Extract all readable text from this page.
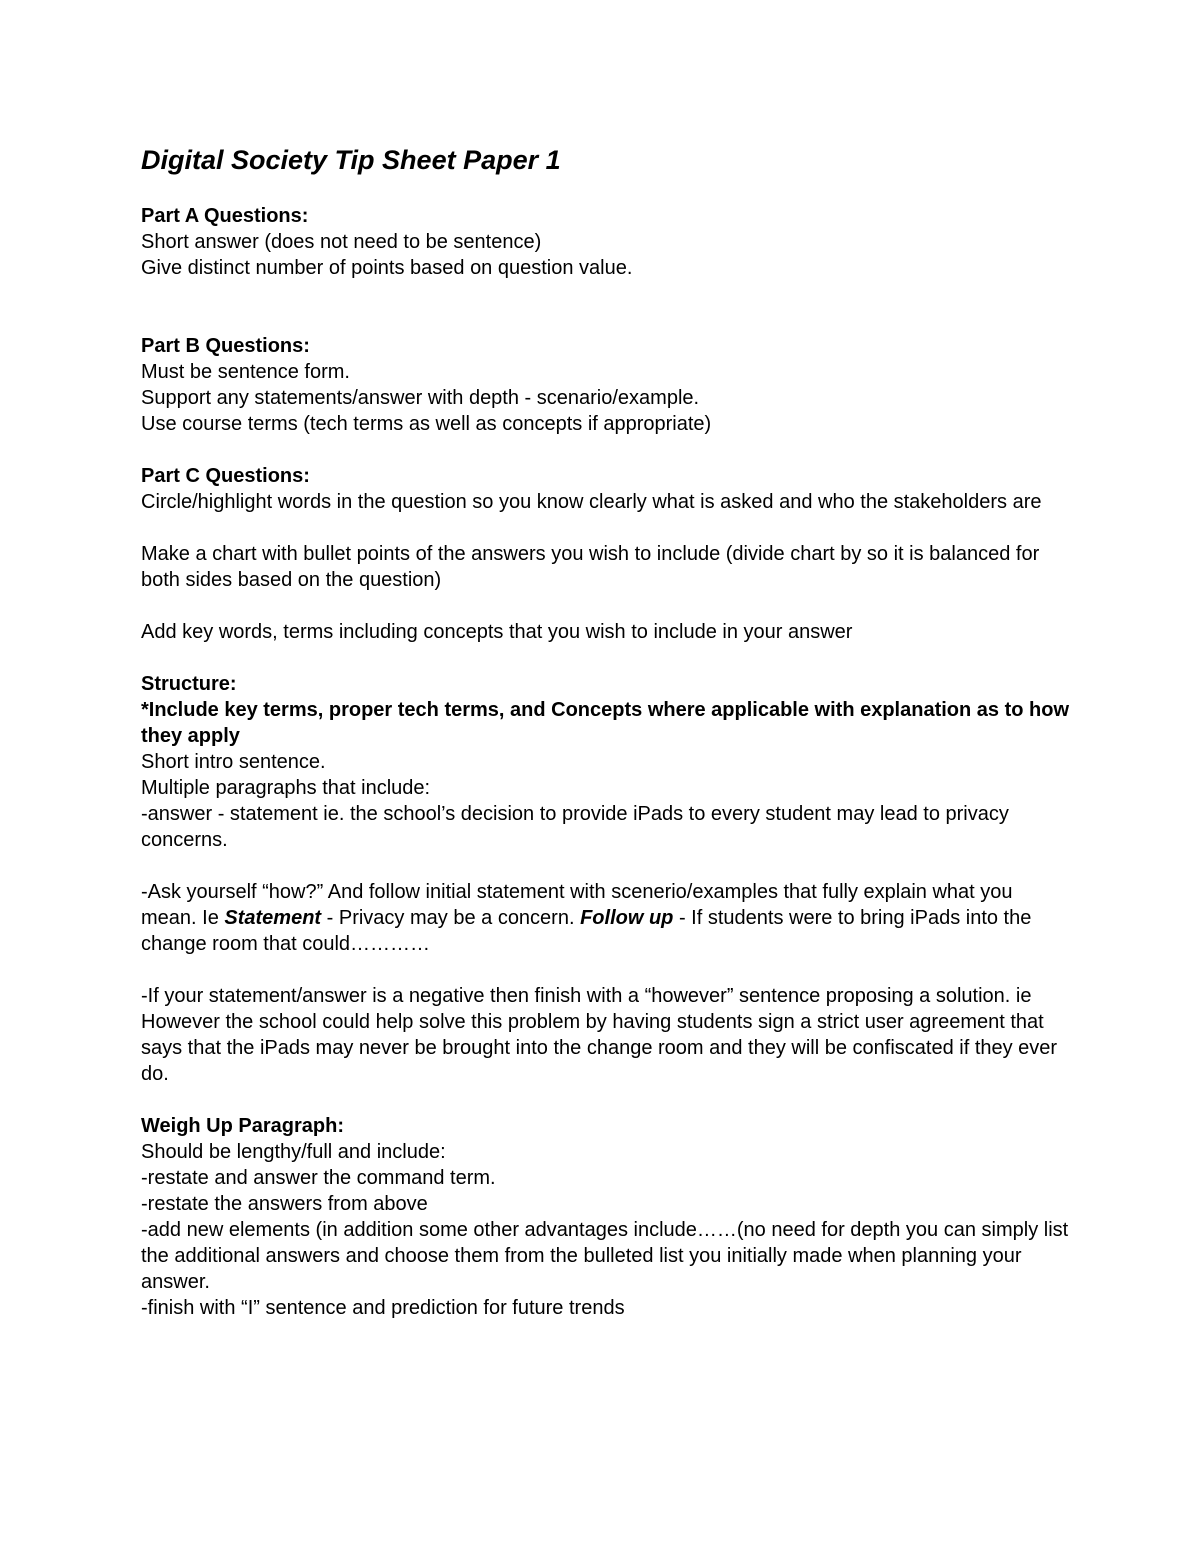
Digital Society Tip Sheet Paper 1
Part A Questions:
Short answer (does not need to be sentence)
Give distinct number of points based on question value.
Part B Questions:
Must be sentence form.
Support any statements/answer with depth - scenario/example.
Use course terms (tech terms as well as concepts if appropriate)
Part C Questions:
Circle/highlight words in the question so you know clearly what is asked and who the stakeholders are
Make a chart with bullet points of the answers you wish to include (divide chart by so it is balanced for both sides based on the question)
Add key words, terms including concepts that you wish to include in your answer
Structure:
*Include key terms, proper tech terms, and Concepts where applicable with explanation as to how they apply
Short intro sentence.
Multiple paragraphs that include:
-answer - statement ie. the school’s decision to provide iPads to every student may lead to privacy concerns.
-Ask yourself “how?” And follow initial statement with scenerio/examples that fully explain what you mean. Ie Statement - Privacy may be a concern. Follow up - If students were to bring iPads into the change room that could…………
-If your statement/answer is a negative then finish with a “however” sentence proposing a solution. ie However the school could help solve this problem by having students sign a strict user agreement that says that the iPads may never be brought into the change room and they will be confiscated if they ever do.
Weigh Up Paragraph:
Should be lengthy/full and include:
-restate and answer the command term.
-restate the answers from above
-add new elements (in addition some other advantages include……(no need for depth you can simply list the additional answers and choose them from the bulleted list you initially made when planning your answer.
-finish with “I” sentence and prediction for future trends
